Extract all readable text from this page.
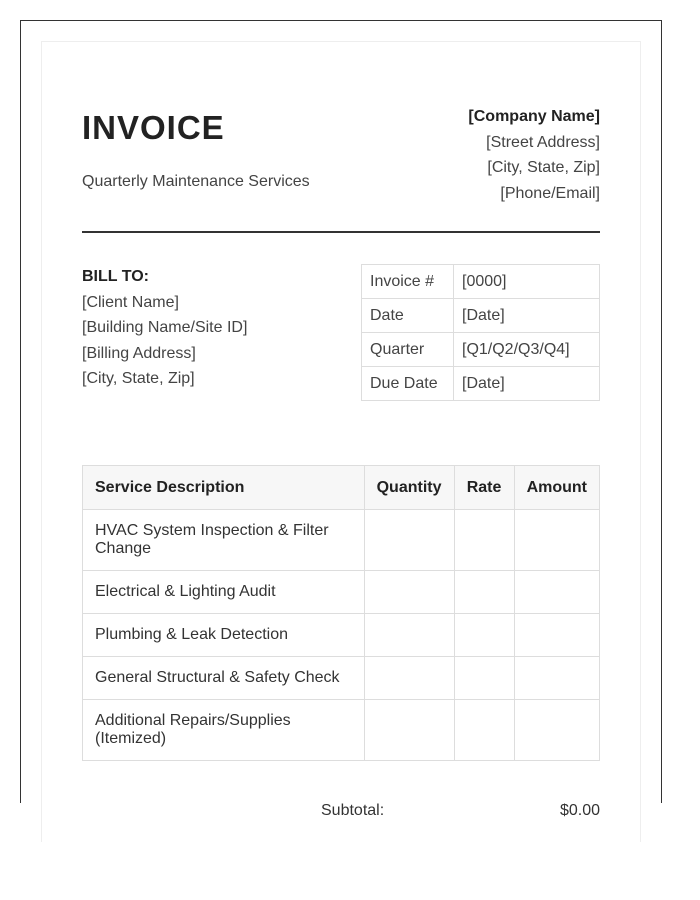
INVOICE
Quarterly Maintenance Services
[Company Name]
[Street Address]
[City, State, Zip]
[Phone/Email]
BILL TO:
[Client Name]
[Building Name/Site ID]
[Billing Address]
[City, State, Zip]
Invoice #	[0000]
Date	[Date]
Quarter	[Q1/Q2/Q3/Q4]
Due Date	[Date]
Service Description	Quantity	Rate	Amount
HVAC System Inspection & Filter Change			
Electrical & Lighting Audit			
Plumbing & Leak Detection			
General Structural & Safety Check			
Additional Repairs/Supplies (Itemized)			
Subtotal:	$0.00
